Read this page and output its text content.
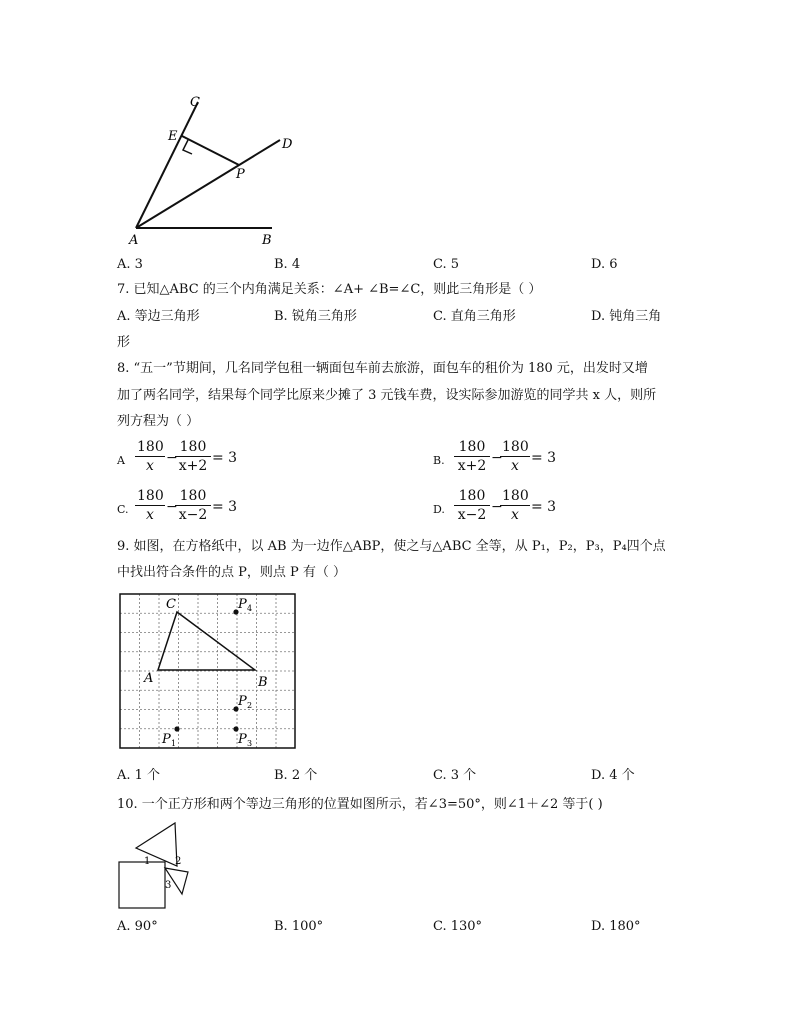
C
E
D
P
A	B
A. 3	B. 4	C. 5	D. 6
7. 已知△ABC 的三个内角满足关系：∠A+ ∠B=∠C，则此三角形是（ ）
A. 等边三角形	B. 锐角三角形	C. 直角三角形	D. 钝角三角
形
8. “五一”节期间，几名同学包租一辆面包车前去旅游，面包车的租价为 180 元，出发时又增
加了两名同学，结果每个同学比原来少摊了 3 元钱车费，设实际参加游览的同学共 x 人，则所
列方程为（ ）
A $\frac{180}{x}$ −
$\frac{180}{x+2} = 3$	B. $\frac{180}{x+2}$ −
$\frac{180}{x} = 3$
C. $\frac{180}{x}$ −
$\frac{180}{x-2} = 3$	D. $\frac{180}{x-2}$ −
$\frac{180}{x} = 3$
9. 如图，在方格纸中，以 AB 为一边作△ABP，使之与△ABC 全等，从 P₁，P₂，P₃，P₄四个点
中找出符合条件的点 P，则点 P 有（ ）
C
A	B
P 4
P 2
P 1	P 3
A. 1 个	B. 2 个	C. 3 个	D. 4 个
10. 一个正方形和两个等边三角形的位置如图所示，若∠3=50°，则∠1＋∠2 等于( )
1 2
3
A. 90°	B. 100°	C. 130°	D. 180°
